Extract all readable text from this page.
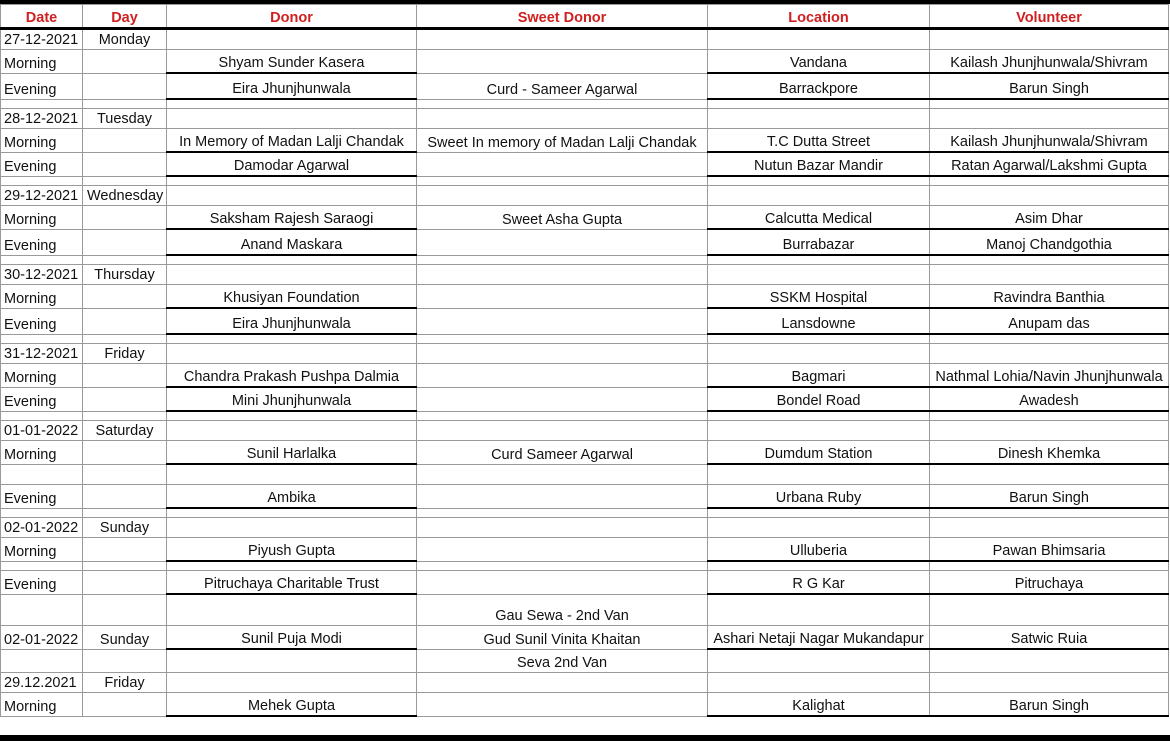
Date	Day	Donor	Sweet Donor	Location	Volunteer
27-12-2021	Monday				
Morning		Shyam Sunder Kasera		Vandana	Kailash Jhunjhunwala/Shivram
Evening		Eira Jhunjhunwala	Curd - Sameer Agarwal	Barrackpore	Barun Singh

28-12-2021	Tuesday				
Morning		In Memory of Madan Lalji Chandak	Sweet In memory of Madan Lalji Chandak	T.C Dutta Street	Kailash Jhunjhunwala/Shivram
Evening		Damodar Agarwal		Nutun Bazar Mandir	Ratan Agarwal/Lakshmi Gupta

29-12-2021	Wednesday				
Morning		Saksham Rajesh Saraogi	Sweet Asha Gupta	Calcutta Medical	Asim Dhar
Evening		Anand Maskara		Burrabazar	Manoj Chandgothia

30-12-2021	Thursday				
Morning		Khusiyan Foundation		SSKM Hospital	Ravindra Banthia
Evening		Eira Jhunjhunwala		Lansdowne	Anupam das

31-12-2021	Friday				
Morning		Chandra Prakash Pushpa Dalmia		Bagmari	Nathmal Lohia/Navin Jhunjhunwala
Evening		Mini Jhunjhunwala		Bondel Road	Awadesh

01-01-2022	Saturday				
Morning		Sunil Harlalka	Curd Sameer Agarwal	Dumdum Station	Dinesh Khemka

Evening		Ambika		Urbana Ruby	Barun Singh

02-01-2022	Sunday				
Morning		Piyush Gupta		Ulluberia	Pawan Bhimsaria

Evening		Pitruchaya Charitable Trust		R G Kar	Pitruchaya
			Gau Sewa - 2nd Van		
02-01-2022	Sunday	Sunil Puja Modi	Gud Sunil Vinita Khaitan	Ashari Netaji Nagar Mukandapur	Satwic Ruia
			Seva 2nd Van		
29.12.2021	Friday				
Morning		Mehek Gupta		Kalighat	Barun Singh
